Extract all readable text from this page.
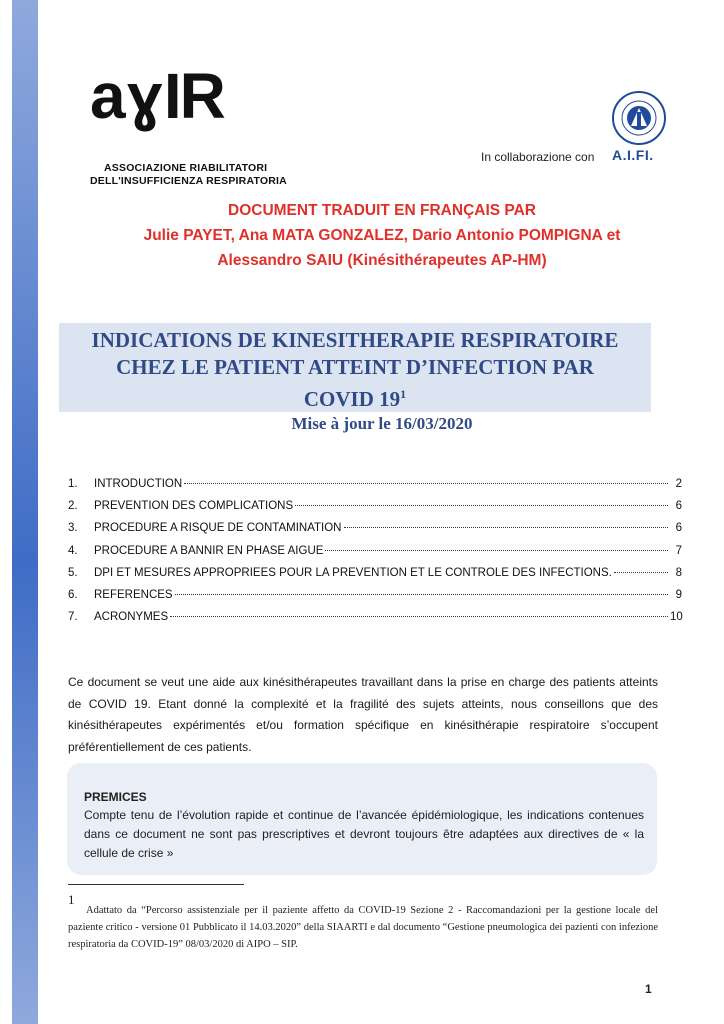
a ɣ IR
ASSOCIAZIONE RIABILITATORI
DELL'INSUFFICIENZA RESPIRATORIA
In collaborazione con A.I.FI.
DOCUMENT TRADUIT EN FRANÇAIS PAR
Julie PAYET, Ana MATA GONZALEZ, Dario Antonio POMPIGNA et
Alessandro SAIU (Kinésithérapeutes AP-HM)
INDICATIONS DE KINESITHERAPIE RESPIRATOIRE
CHEZ LE PATIENT ATTEINT D’INFECTION PAR
COVID $19^1$
Mise à jour le 16/03/2020
1.	INTRODUCTION	2
2.	PREVENTION DES COMPLICATIONS	6
3.	PROCEDURE A RISQUE DE CONTAMINATION	6
4.	PROCEDURE A BANNIR EN PHASE AIGUE	7
5.	DPI ET MESURES APPROPRIEES POUR LA PREVENTION ET LE CONTROLE DES INFECTIONS.	8
6.	REFERENCES	9
7.	ACRONYMES	10

Ce document se veut une aide aux kinésithérapeutes travaillant dans la prise en charge des patients atteints de COVID 19. Etant donné la complexité et la fragilité des sujets atteints, nous conseillons que des kinésithérapeutes expérimentés et/ou formation spécifique en kinésithérapie respiratoire s’occupent préférentiellement de ces patients.

PREMICES
Compte tenu de l’évolution rapide et continue de l’avancée épidémiologique, les indications contenues dans ce document ne sont pas prescriptives et devront toujours être adaptées aux directives de « la cellule de crise »
1
Adattato da “Percorso assistenziale per il paziente affetto da COVID-19 Sezione 2 - Raccomandazioni per la gestione locale del paziente critico - versione 01 Pubblicato il 14.03.2020” della SIAARTI e dal documento “Gestione pneumologica dei pazienti con infezione respiratoria da COVID-19” 08/03/2020 di AIPO – SIP.
1
